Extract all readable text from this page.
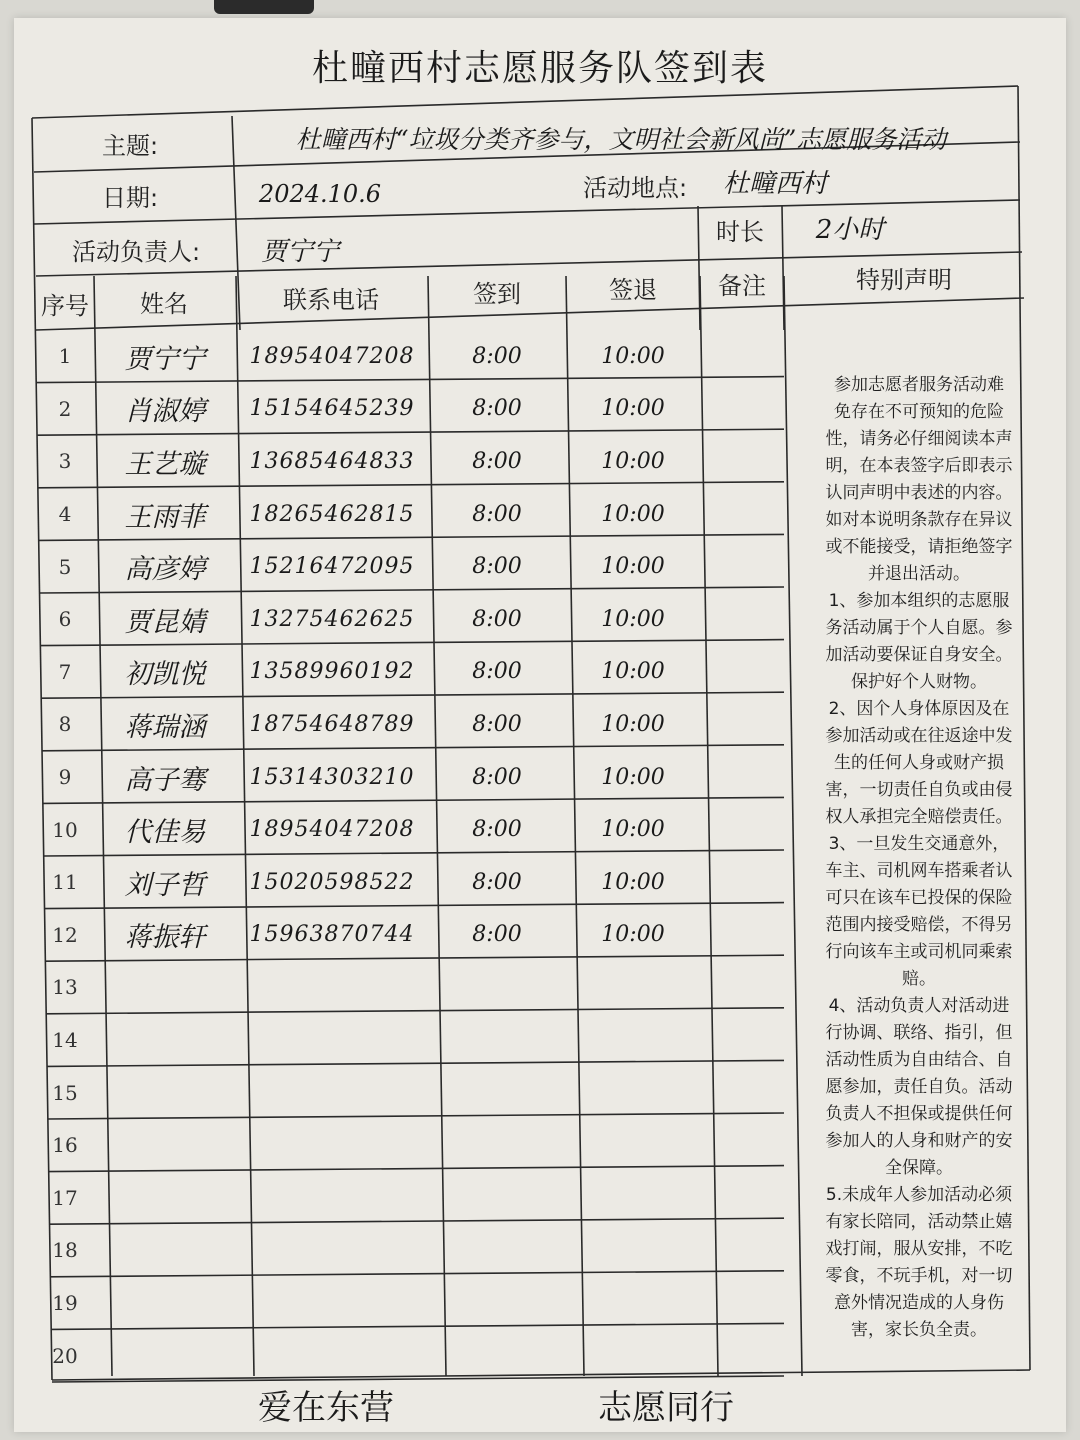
杜疃西村志愿服务队签到表
主题:	杜疃西村“垃圾分类齐参与，文明社会新风尚”志愿服务活动
日期:	2024.10.6	活动地点:	杜疃西村
活动负责人:	贾宁宁
时长	2小时
序号	姓名	联系电话	签到	签退	备注	特别声明
1	贾宁宁	18954047208	8:00	10:00
2	肖淑婷	15154645239	8:00	10:00
3	王艺璇	13685464833	8:00	10:00
4	王雨菲	18265462815	8:00	10:00
5	高彦婷	15216472095	8:00	10:00
6	贾昆婧	13275462625	8:00	10:00
7	初凯悦	13589960192	8:00	10:00
8	蒋瑞涵	18754648789	8:00	10:00
9	高子骞	15314303210	8:00	10:00
10	代佳易	18954047208	8:00	10:00
11	刘子哲	15020598522	8:00	10:00
12	蒋振轩	15963870744	8:00	10:00
13
14
15
16
17
18
19
20

参加志愿者服务活动难

免存在不可预知的危险

性，请务必仔细阅读本声

明，在本表签字后即表示

认同声明中表述的内容。

如对本说明条款存在异议

或不能接受，请拒绝签字

并退出活动。

1、参加本组织的志愿服

务活动属于个人自愿。参

加活动要保证自身安全。

保护好个人财物。

2、因个人身体原因及在

参加活动或在往返途中发

生的任何人身或财产损

害，一切责任自负或由侵

权人承担完全赔偿责任。

3、一旦发生交通意外，

车主、司机网车搭乘者认

可只在该车已投保的保险

范围内接受赔偿，不得另

行向该车主或司机同乘索

赔。

4、活动负责人对活动进

行协调、联络、指引，但

活动性质为自由结合、自

愿参加，责任自负。活动

负责人不担保或提供任何

参加人的人身和财产的安

全保障。

5.未成年人参加活动必须

有家长陪同，活动禁止嬉

戏打闹，服从安排，不吃

零食，不玩手机，对一切

意外情况造成的人身伤

害，家长负全责。

爱在东营	志愿同行
